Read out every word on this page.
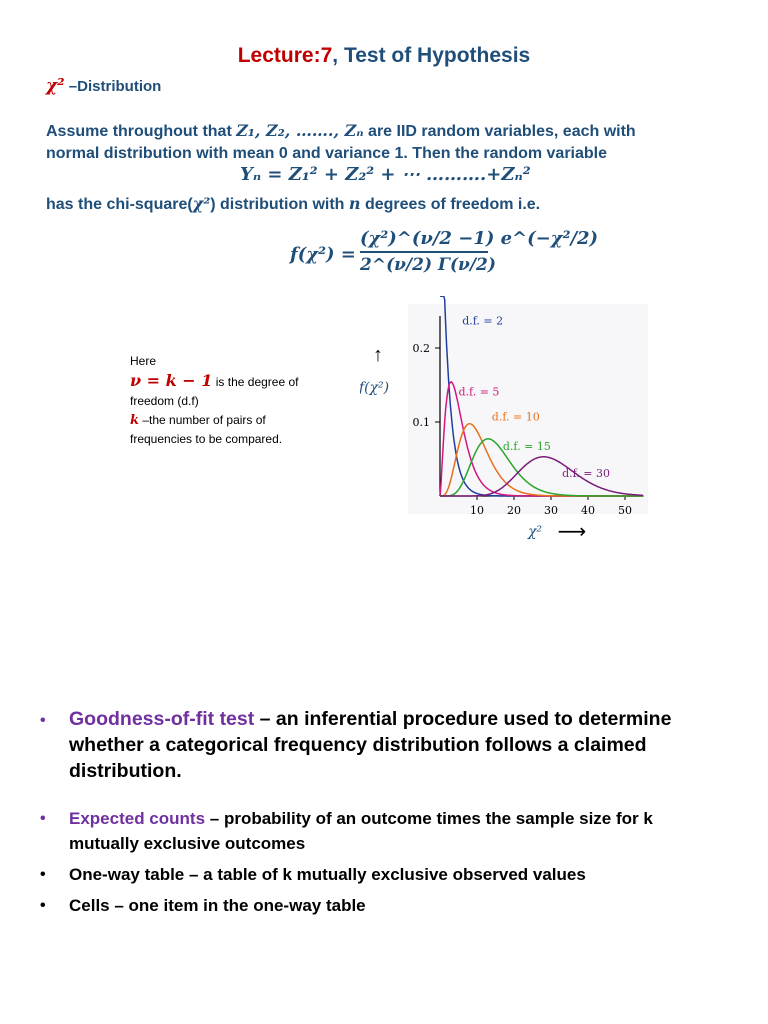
Lecture:7, Test of Hypothesis
χ² –Distribution
Assume throughout that Z₁, Z₂, ……., Zₙ are IID random variables, each with
normal distribution with mean 0 and variance 1. Then the random variable
Yₙ = Z₁² + Z₂² + ⋯ ……….+Zₙ²
has the chi-square(χ²) distribution with n degrees of freedom i.e.
f(χ²) =
(χ²)^(ν/2 −1) e^(−χ²/2)
2^(ν/2) Γ(ν/2)
Here
ν = k − 1 is the degree of
freedom (d.f)
k –the number of pairs of
frequencies to be compared.
10 20 30 40 50
0.1
0.2
↑
f(χ²)
χ² ⟶
d.f. = 2
d.f. = 5
d.f. = 10
d.f. = 15
d.f. = 30
• Goodness-of-fit test – an inferential procedure used to determine whether a categorical frequency distribution follows a claimed distribution.
• Expected counts – probability of an outcome times the sample size for k mutually exclusive outcomes
• One-way table – a table of k mutually exclusive observed values
• Cells – one item in the one-way table
